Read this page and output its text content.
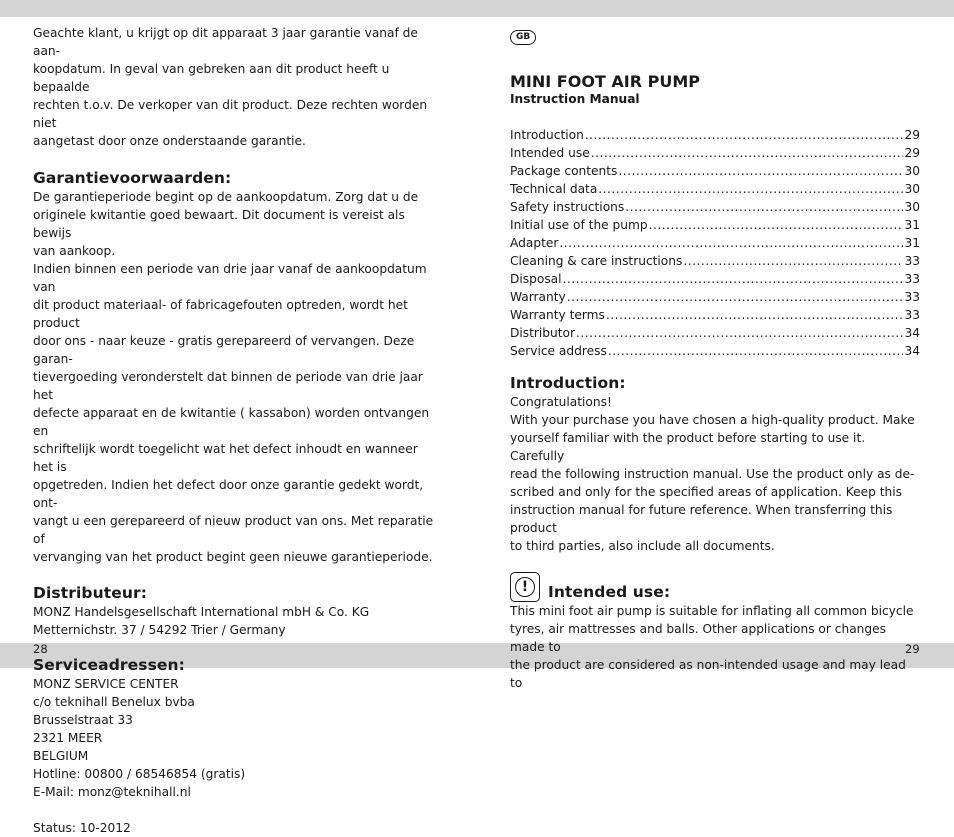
Geachte klant, u krijgt op dit apparaat 3 jaar garantie vanaf de aan-
koopdatum. In geval van gebreken aan dit product heeft u bepaalde
rechten t.o.v. De verkoper van dit product. Deze rechten worden niet
aangetast door onze onderstaande garantie.
Garantievoorwaarden:
De garantieperiode begint op de aankoopdatum. Zorg dat u de
originele kwitantie goed bewaart. Dit document is vereist als bewijs
van aankoop.
Indien binnen een periode van drie jaar vanaf de aankoopdatum van
dit product materiaal- of fabricagefouten optreden, wordt het product
door ons - naar keuze - gratis gerepareerd of vervangen. Deze garan-
tievergoeding veronderstelt dat binnen de periode van drie jaar het
defecte apparaat en de kwitantie ( kassabon) worden ontvangen en
schriftelijk wordt toegelicht wat het defect inhoudt en wanneer het is
opgetreden. Indien het defect door onze garantie gedekt wordt, ont-
vangt u een gerepareerd of nieuw product van ons. Met reparatie of
vervanging van het product begint geen nieuwe garantieperiode.
Distributeur:
MONZ Handelsgesellschaft International mbH & Co. KG
Metternichstr. 37 / 54292 Trier / Germany
Serviceadressen:
MONZ SERVICE CENTER
c/o teknihall Benelux bvba
Brusselstraat 33
2321 MEER
BELGIUM
Hotline: 00800 / 68546854 (gratis)
E-Mail: monz@teknihall.nl
Status: 10-2012
28
GB
MINI FOOT AIR PUMP
Instruction Manual
Introduction .....	29
Intended use .....	29
Package contents .....	30
Technical data .....	30
Safety instructions .....	30
Initial use of the pump .....	31
Adapter .....	31
Cleaning & care instructions .....	33
Disposal .....	33
Warranty .....	33
Warranty terms .....	33
Distributor .....	34
Service address .....	34
Introduction:
Congratulations!
With your purchase you have chosen a high-quality product. Make
yourself familiar with the product before starting to use it. Carefully
read the following instruction manual. Use the product only as de-
scribed and only for the specified areas of application. Keep this
instruction manual for future reference. When transferring this product
to third parties, also include all documents.
!	Intended use:
This mini foot air pump is suitable for inflating all common bicycle
tyres, air mattresses and balls. Other applications or changes made to
the product are considered as non-intended usage and may lead to
29
